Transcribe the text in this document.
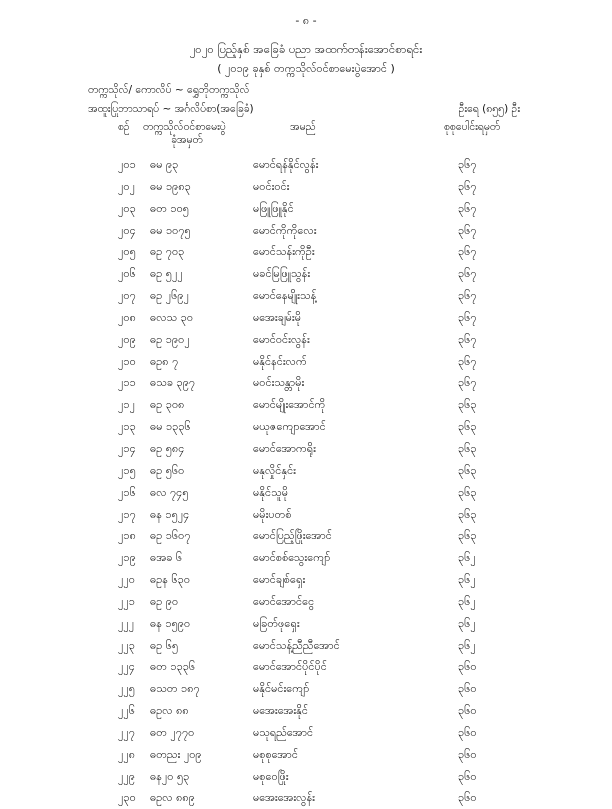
- ၈ -
၂၀၂၀ ပြည့်နှစ် အခြေခံ ပညာ အထက်တန်းအောင်စာရင်း
( ၂၀၁၉ ခုနှစ် တက္ကသိုလ်ဝင်စာမေးပွဲအောင် )
တက္ကသိုလ်/ ကောလိပ် ~ ရွှေဘိုတက္ကသိုလ်
အထူးပြုဘာသာရပ် ~ အင်္ဂလိပ်စာ(အခြေခံ)	ဦးရေ (၈၅၅) ဦး
စဉ် တက္ကသိုလ်ဝင်စာမေးပွဲ
ခုံအမှတ်
အမည်	စုစုပေါင်းရမှတ်
၂၀၁ ဓမ ၉၃	မောင်ရန်နိုင်လွန်း	၃၆၇
၂၀၂ ဓမ ၁၉၈၃	မဝင်းဝင်း	၃၆၇
၂၀၃ ဓတ ၁၀၅	မဖြူဖြူနိုင်	၃၆၇
၂၀၄ ဓမ ၁၀၇၅	မောင်ကိုကိုလေး	၃၆၇
၂၀၅ ဓဥ ၇၀၃	မောင်သန်းကိုဦး	၃၆၇
၂၀၆ ဓဥ ၅၂၂	မခင်မြဖြူသွန်း	၃၆၇
၂၀၇ ဓဥ ၂၆၉၂	မောင်နေမျိုးသန့်	၃၆၇
၂၀၈ ဓလသ ၃၀	မအေးချမ်းမို	၃၆၇
၂၀၉ ဓဥ ၁၉၀၂	မောင်ဝင်းလွန်း	၃၆၇
၂၁၀ ဓဥ၈ ၇	မနိုင်နင်းလက်	၃၆၇
၂၁၁ ဓသခ ၃၉၇	မဝင်းသန္တာမိုး	၃၆၇
၂၁၂ ဓဥ ၃၀၈	မောင်မျိုးအောင်ကို	၃၆၃
၂၁၃ ဓမ ၁၃၃၆	မယုဇကျောအောင်	၃၆၃
၂၁၄ ဓဥ ၅၈၄	မောင်အောကရိုး	၃၆၃
၂၁၅ ဓဥ ၅၆၀	မနုလှိုင်နှင်း	၃၆၃
၂၁၆ ဓလ ၇၄၅	မနိုင်သူမို	၃၆၃
၂၁၇ ဓန ၁၅၂၄	မမိုးပတစ်	၃၆၃
၂၁၈ ဓဥ ၁၆၀၇	မောင်ပြည့်ဖြိုးအောင်	၃၆၃
၂၁၉ ဓအခ ၆	မောင်စစ်သွေးကျော်	၃၆၂
၂၂၀ ဓဥန ၆၃၀	မောင်ချစ်ရှေး	၃၆၂
၂၂၁ ဓဥ ၉၀	မောင်အောင်ငွေ	၃၆၂
၂၂၂ ဓန ၁၅၉၀	မခြတ်ဖုရှေး	၃၆၂
၂၂၃ ဓဥ ၆၅	မောင်သန့်ညီညီအောင်	၃၆၂
၂၂၄ ဓတ ၁၃၃၆	မောင်အောင်ပိုင်ပိုင်	၃၆၀
၂၂၅ ဓသတ ၁၈၇	မနိုင်မင်းကျော်	၃၆၀
၂၂၆ ဓဥလ ၈၈	မအေးအေးနိုင်	၃၆၀
၂၂၇ ဓတ ၂၇၇၀	မသုရည်အောင်	၃၆၀
၂၂၈ ဓတညး ၂၀၉	မစုစုအောင်	၃၆၀
၂၂၉ ဓန၂၀ ၅၃	မစုဝေဖြိုး	၃၆၀
၂၃၀ ဓဥလ ၈၈၉	မအေးအေးလွန်း	၃၆၀
